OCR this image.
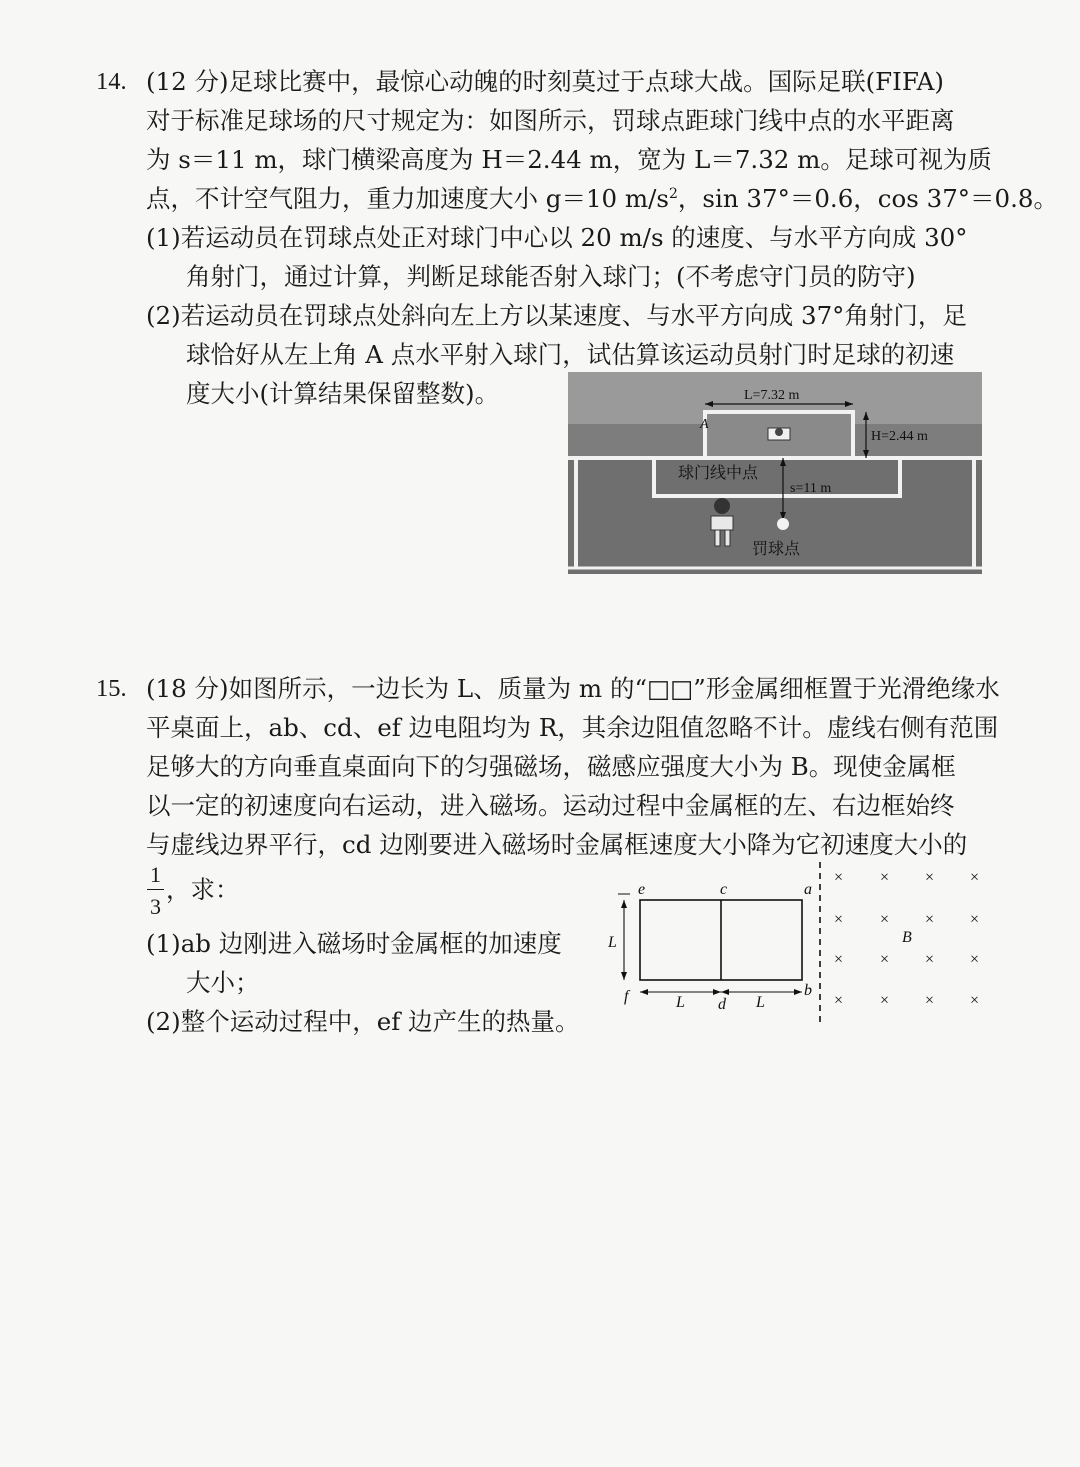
14. (12 分)足球比赛中，最惊心动魄的时刻莫过于点球大战。国际足联(FIFA)
对于标准足球场的尺寸规定为：如图所示，罚球点距球门线中点的水平距离
为 s＝11 m，球门横梁高度为 H＝2.44 m，宽为 L＝7.32 m。足球可视为质
点，不计空气阻力，重力加速度大小 g＝10 $m/s^2$，sin 37°＝0.6，cos 37°＝0.8。
(1)若运动员在罚球点处正对球门中心以 20 m/s 的速度、与水平方向成 30°
角射门，通过计算，判断足球能否射入球门；(不考虑守门员的防守)
(2)若运动员在罚球点处斜向左上方以某速度、与水平方向成 37°角射门，足
球恰好从左上角 A 点水平射入球门，试估算该运动员射门时足球的初速
度大小(计算结果保留整数)。	L=7.32 m
H=2.44 m
A
球门线中点
s=11 m
罚球点
15. (18 分)如图所示，一边长为 L、质量为 m 的“□□”形金属细框置于光滑绝缘水
平桌面上，ab、cd、ef 边电阻均为 R，其余边阻值忽略不计。虚线右侧有范围
足够大的方向垂直桌面向下的匀强磁场，磁感应强度大小为 B。现使金属框
以一定的初速度向右运动，进入磁场。运动过程中金属框的左、右边框始终
与虚线边界平行，cd 边刚要进入磁场时金属框速度大小降为它初速度大小的
1
3
，求：
(1)ab 边刚进入磁场时金属框的加速度
大小；
(2)整个运动过程中，ef 边产生的热量。
e	c	a
f	d
b
L
L	L
× × × ×
× × × ×
× × × ×
× × × ×
B
